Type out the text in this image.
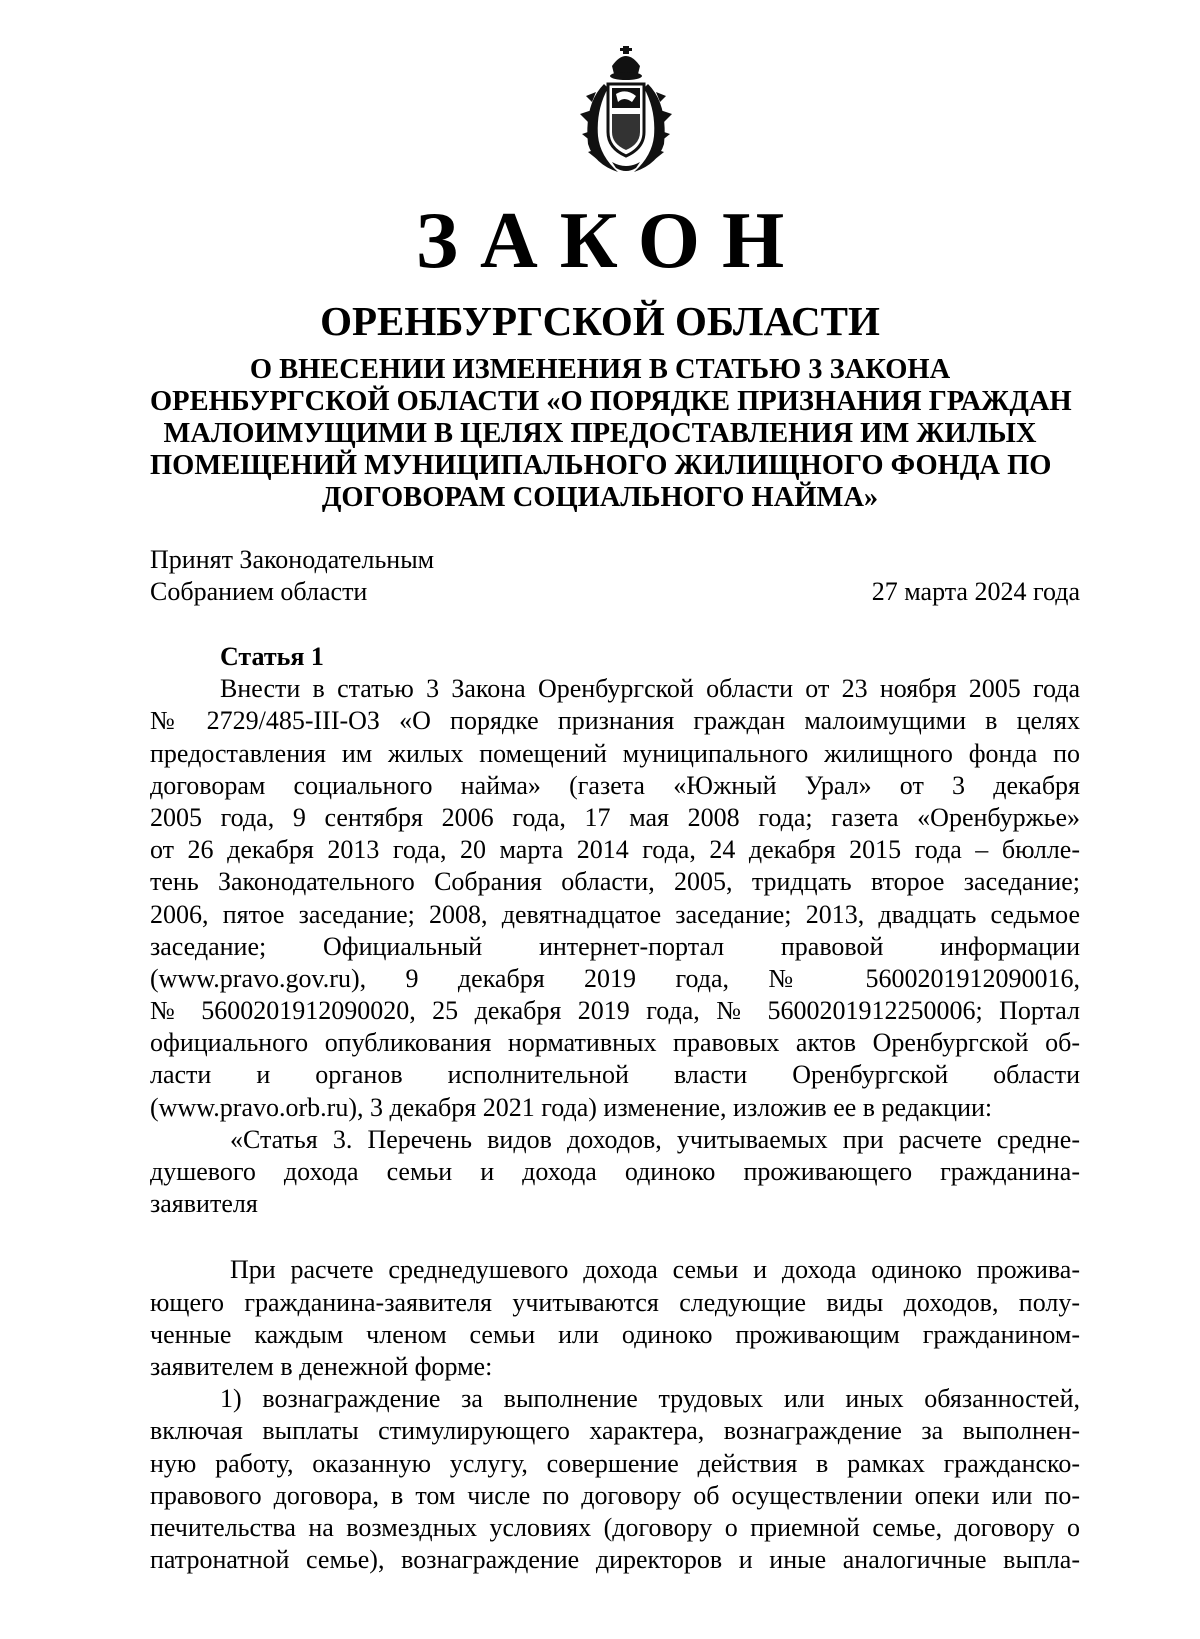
ЗАКОН
ОРЕНБУРГСКОЙ ОБЛАСТИ
О ВНЕСЕНИИ ИЗМЕНЕНИЯ В СТАТЬЮ 3 ЗАКОНА
ОРЕНБУРГСКОЙ ОБЛАСТИ «О ПОРЯДКЕ ПРИЗНАНИЯ ГРАЖДАН
МАЛОИМУЩИМИ В ЦЕЛЯХ ПРЕДОСТАВЛЕНИЯ ИМ ЖИЛЫХ
ПОМЕЩЕНИЙ МУНИЦИПАЛЬНОГО ЖИЛИЩНОГО ФОНДА ПО
ДОГОВОРАМ СОЦИАЛЬНОГО НАЙМА»
Принят Законодательным
Собранием области	27 марта 2024 года
Статья 1
Внести в статью 3 Закона Оренбургской области от 23 ноября 2005 года
№ 2729/485-III-ОЗ «О порядке признания граждан малоимущими в целях
предоставления им жилых помещений муниципального жилищного фонда по
договорам социального найма» (газета «Южный Урал» от 3 декабря
2005 года, 9 сентября 2006 года, 17 мая 2008 года; газета «Оренбуржье»
от 26 декабря 2013 года, 20 марта 2014 года, 24 декабря 2015 года – бюлле-
тень Законодательного Собрания области, 2005, тридцать второе заседание;
2006, пятое заседание; 2008, девятнадцатое заседание; 2013, двадцать седьмое
заседание; Официальный интернет-портал правовой информации
(www.pravo.gov.ru), 9 декабря 2019 года, № 5600201912090016,
№ 5600201912090020, 25 декабря 2019 года, № 5600201912250006; Портал
официального опубликования нормативных правовых актов Оренбургской об-
ласти и органов исполнительной власти Оренбургской области
(www.pravo.orb.ru), 3 декабря 2021 года) изменение, изложив ее в редакции:
«Статья 3. Перечень видов доходов, учитываемых при расчете средне-
душевого дохода семьи и дохода одиноко проживающего гражданина-
заявителя
При расчете среднедушевого дохода семьи и дохода одиноко прожива-
ющего гражданина-заявителя учитываются следующие виды доходов, полу-
ченные каждым членом семьи или одиноко проживающим гражданином-
заявителем в денежной форме:
1) вознаграждение за выполнение трудовых или иных обязанностей,
включая выплаты стимулирующего характера, вознаграждение за выполнен-
ную работу, оказанную услугу, совершение действия в рамках гражданско-
правового договора, в том числе по договору об осуществлении опеки или по-
печительства на возмездных условиях (договору о приемной семье, договору о
патронатной семье), вознаграждение директоров и иные аналогичные выпла-
